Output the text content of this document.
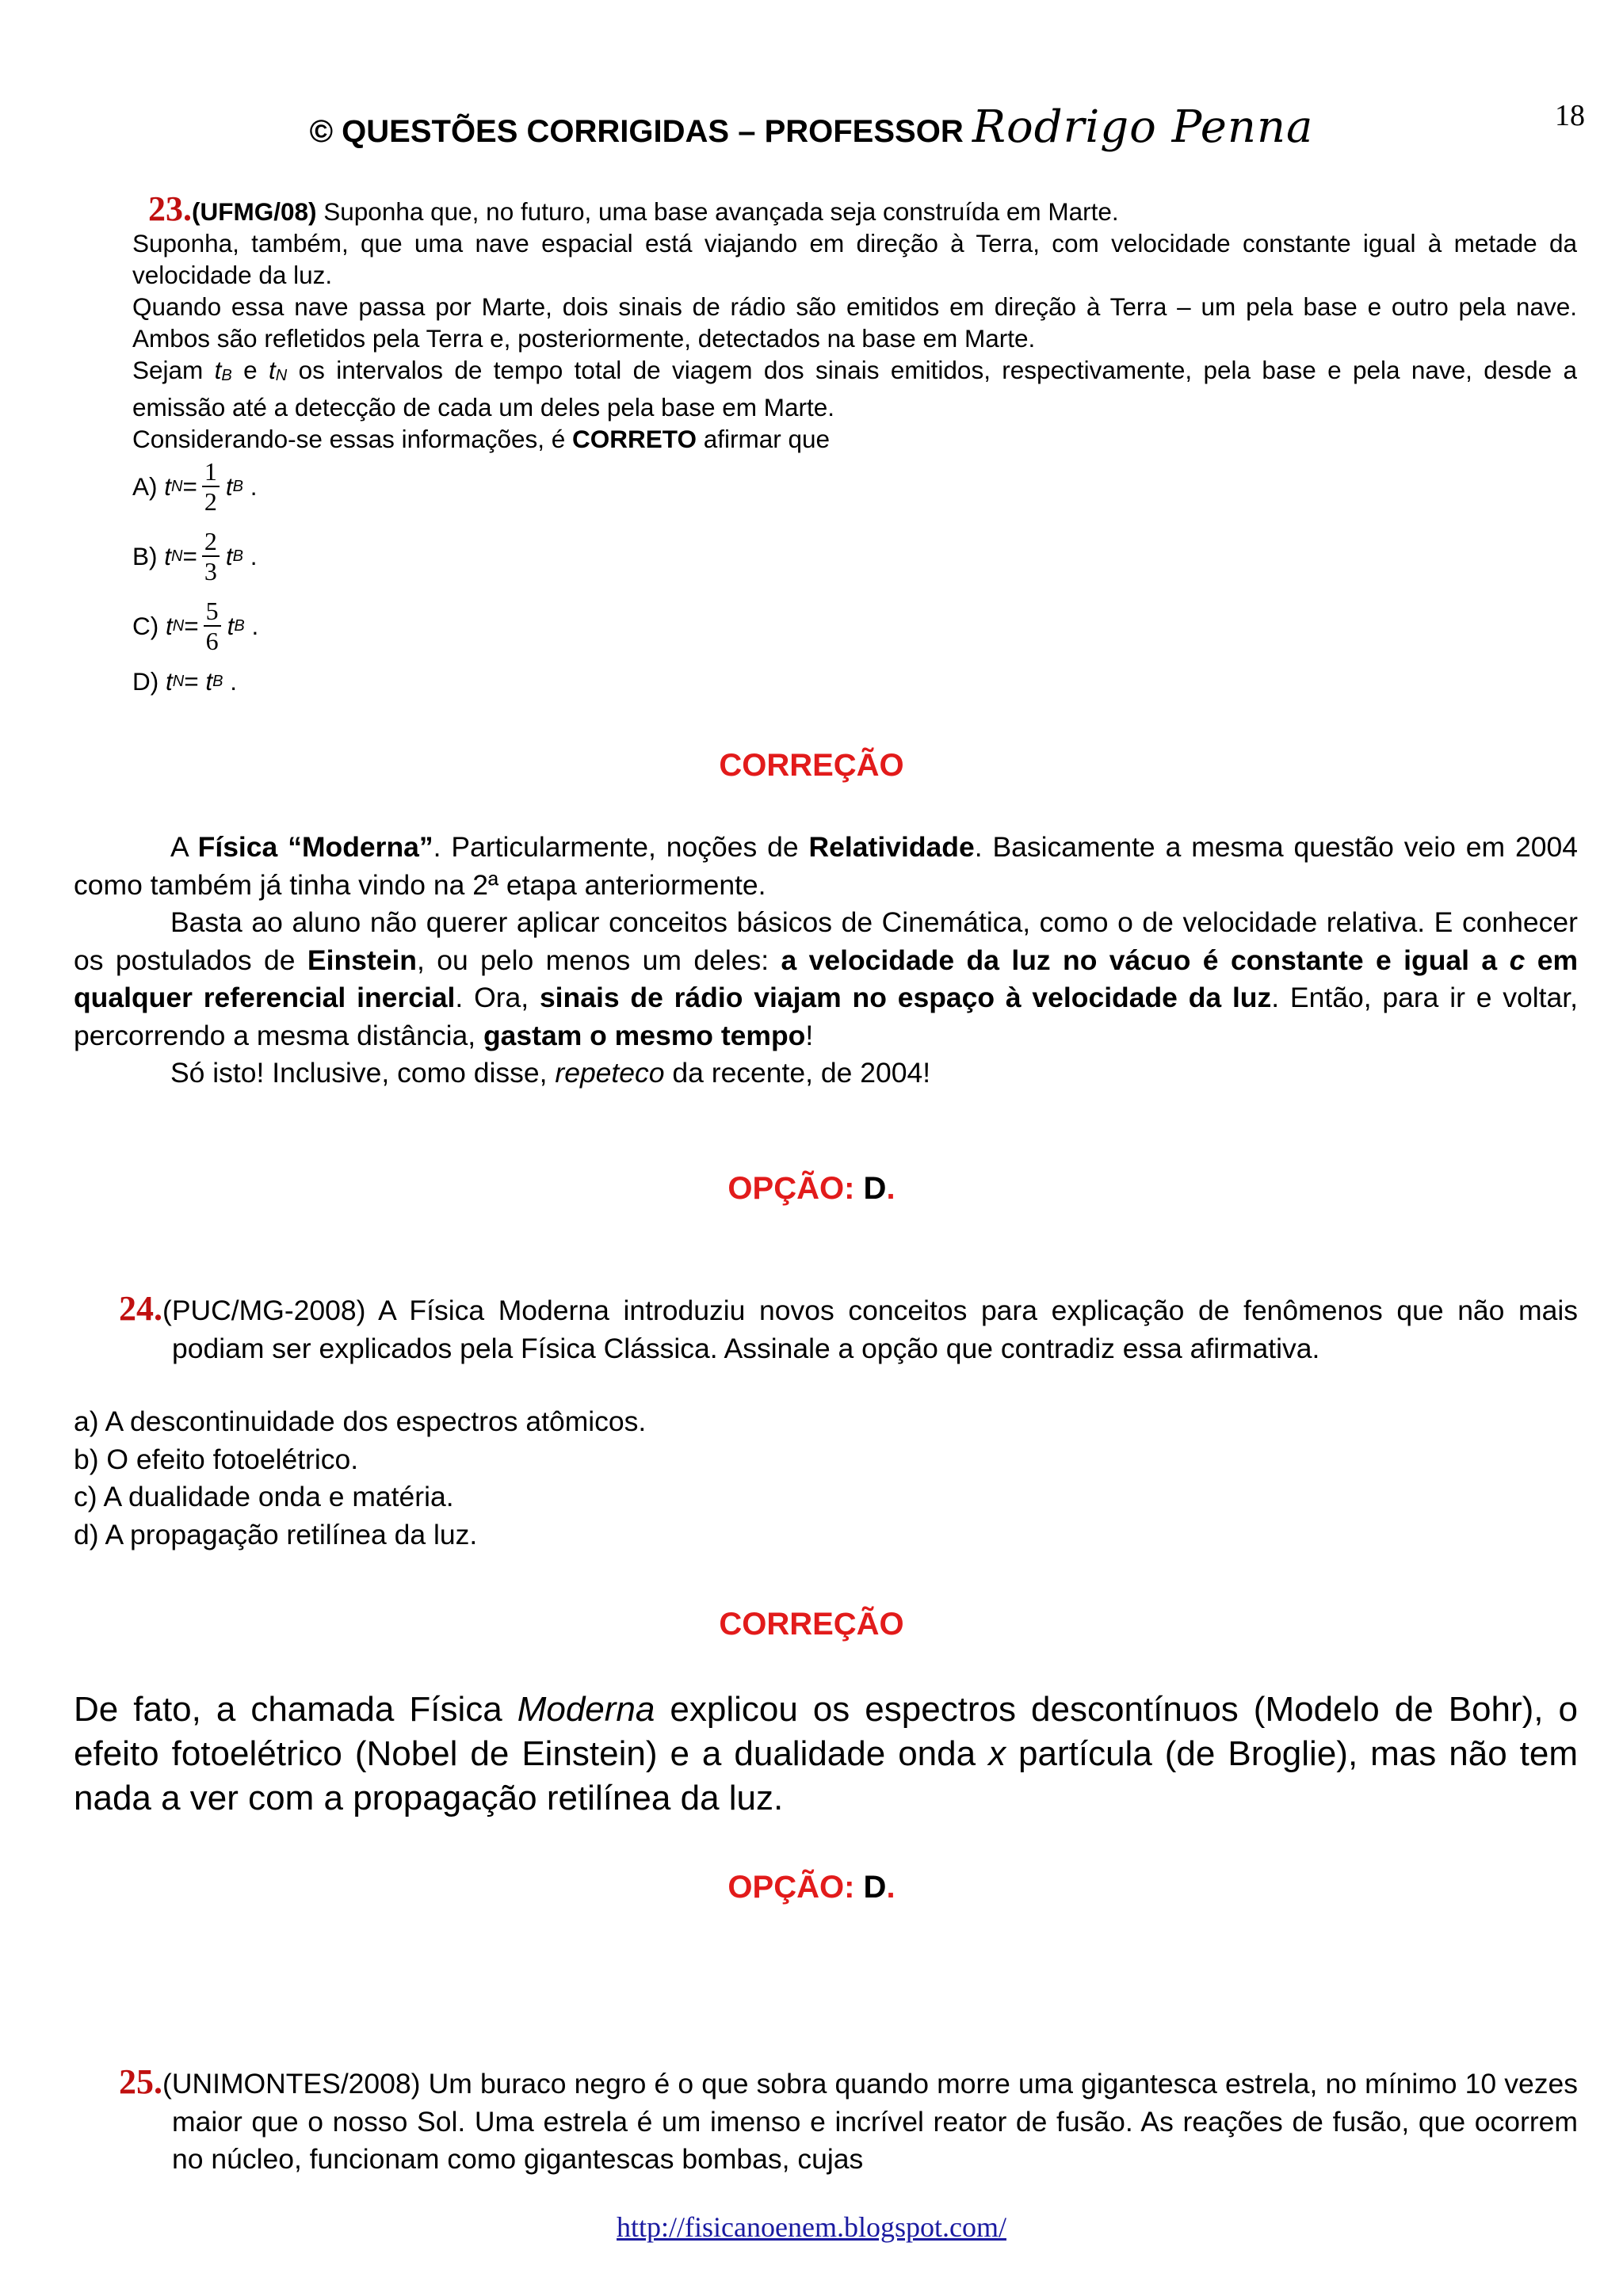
© QUESTÕES CORRIGIDAS – PROFESSOR Rodrigo Penna	18

23.(UFMG/08) Suponha que, no futuro, uma base avançada seja construída em Marte.

Suponha, também, que uma nave espacial está viajando em direção à Terra, com velocidade constante igual à metade da velocidade da luz.

Quando essa nave passa por Marte, dois sinais de rádio são emitidos em direção à Terra – um pela base e outro pela nave. Ambos são refletidos pela Terra e, posteriormente, detectados na base em Marte.

Sejam tB e tN os intervalos de tempo total de viagem dos sinais emitidos, respectivamente, pela base e pela nave, desde a emissão até a detecção de cada um deles pela base em Marte.

Considerando-se essas informações, é CORRETO afirmar que

A)
t $N = \frac{1}{2}$ t B
.
B)
t $N = \frac{2}{3}$ t B
.
C)
t $N = \frac{5}{6}$ t B
.
D)
t N =
t B
.
CORREÇÃO

A Física “Moderna”. Particularmente, noções de Relatividade. Basicamente a mesma questão veio em 2004 como também já tinha vindo na 2ª etapa anteriormente.

Basta ao aluno não querer aplicar conceitos básicos de Cinemática, como o de velocidade relativa. E conhecer os postulados de Einstein, ou pelo menos um deles: a velocidade da luz no vácuo é constante e igual a c em qualquer referencial inercial. Ora, sinais de rádio viajam no espaço à velocidade da luz. Então, para ir e voltar, percorrendo a mesma distância, gastam o mesmo tempo!

Só isto! Inclusive, como disse, repeteco da recente, de 2004!

OPÇÃO: D.

24.(PUC/MG-2008) A Física Moderna introduziu novos conceitos para explicação de fenômenos que não mais podiam ser explicados pela Física Clássica. Assinale a opção que contradiz essa afirmativa.

a) A descontinuidade dos espectros atômicos.
b) O efeito fotoelétrico.
c) A dualidade onda e matéria.
d) A propagação retilínea da luz.
CORREÇÃO

De fato, a chamada Física Moderna explicou os espectros descontínuos (Modelo de Bohr), o efeito fotoelétrico (Nobel de Einstein) e a dualidade onda x partícula (de Broglie), mas não tem nada a ver com a propagação retilínea da luz.

OPÇÃO: D.

25.(UNIMONTES/2008) Um buraco negro é o que sobra quando morre uma gigantesca estrela, no mínimo 10 vezes maior que o nosso Sol. Uma estrela é um imenso e incrível reator de fusão. As reações de fusão, que ocorrem no núcleo, funcionam como gigantescas bombas, cujas

http://fisicanoenem.blogspot.com/
